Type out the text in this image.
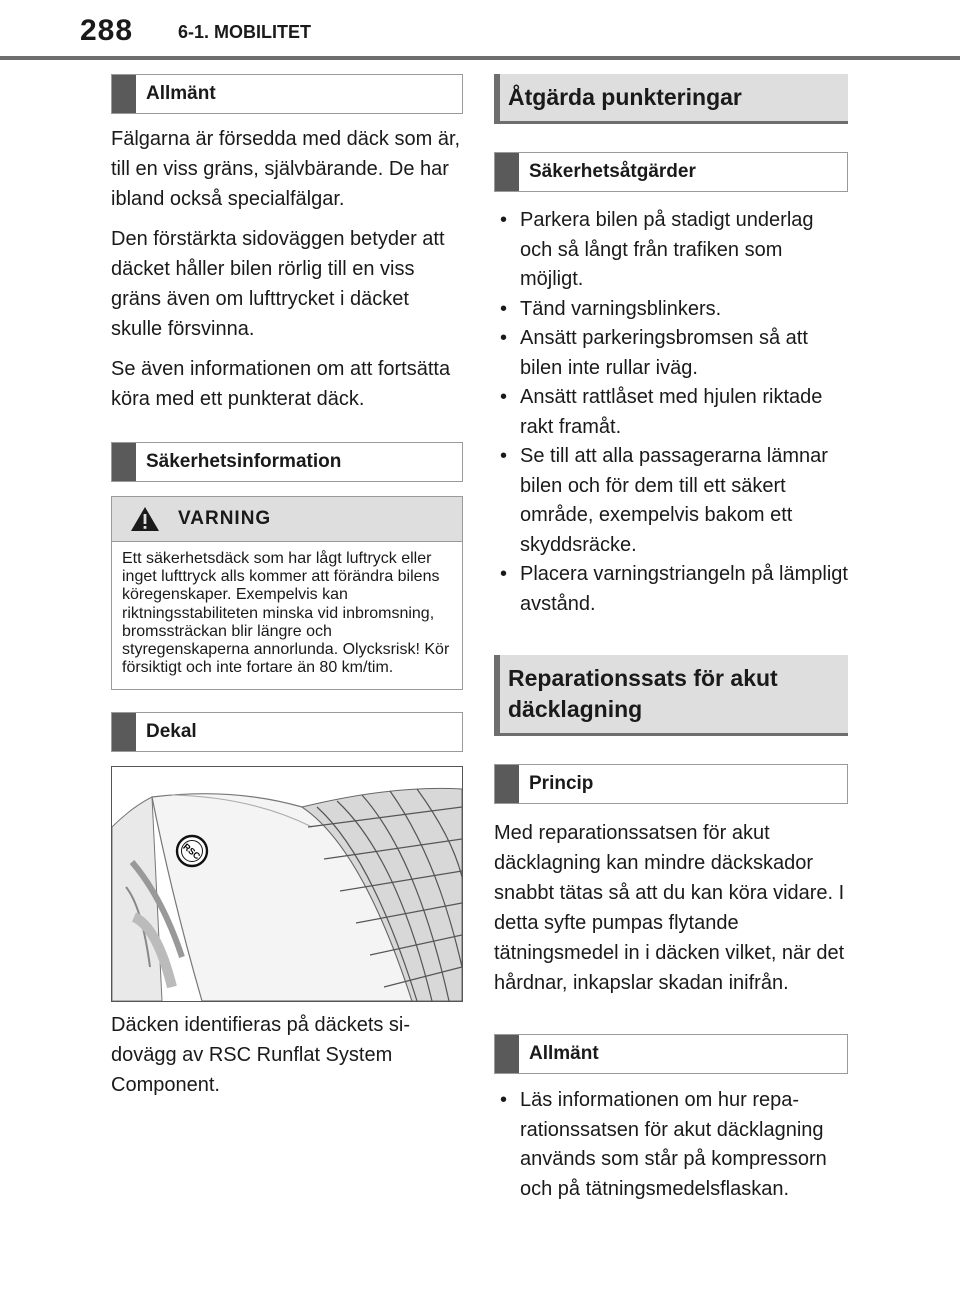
288 6-1. MOBILITET
Allmänt

Fälgarna är försedda med däck som är, till en viss gräns, självbärande. De har ibland också specialfälgar.

Den förstärkta sidoväggen betyder att däcket håller bilen rörlig till en viss gräns även om lufttrycket i däcket skulle försvinna.

Se även informationen om att fortsätta köra med ett punkterat däck.

Säkerhetsinformation
VARNING
Ett säkerhetsdäck som har lågt luftryck eller inget lufttryck alls kommer att förändra bilens köregenskaper. Exempelvis kan riktningsstabiliteten minska vid inbromsning, bromssträckan blir längre och styregenskaperna annorlunda. Olycksrisk! Kör försiktigt och inte fortare än 80 km/tim.
Dekal
RSC

Däcken identifieras på däckets sidovägg av RSC Runflat System Component.

Åtgärda punkteringar
Säkerhetsåtgärder
• Parkera bilen på stadigt underlag och så långt från trafiken som möjligt.
• Tänd varningsblinkers.
• Ansätt parkeringsbromsen så att bilen inte rullar iväg.
• Ansätt rattlåset med hjulen riktade rakt framåt.
• Se till att alla passagerarna lämnar bilen och för dem till ett säkert område, exempelvis bakom ett skyddsräcke.
• Placera varningstriangeln på lämpligt avstånd.
Reparationssats för akut däcklagning
Princip

Med reparationssatsen för akut däcklagning kan mindre däckskador snabbt tätas så att du kan köra vidare. I detta syfte pumpas flytande tätningsmedel in i däcken vilket, när det hårdnar, inkapslar skadan inifrån.

Allmänt
• Läs informationen om hur reparationssatsen för akut däcklagning används som står på kompressorn och på tätningsmedelsflaskan.
